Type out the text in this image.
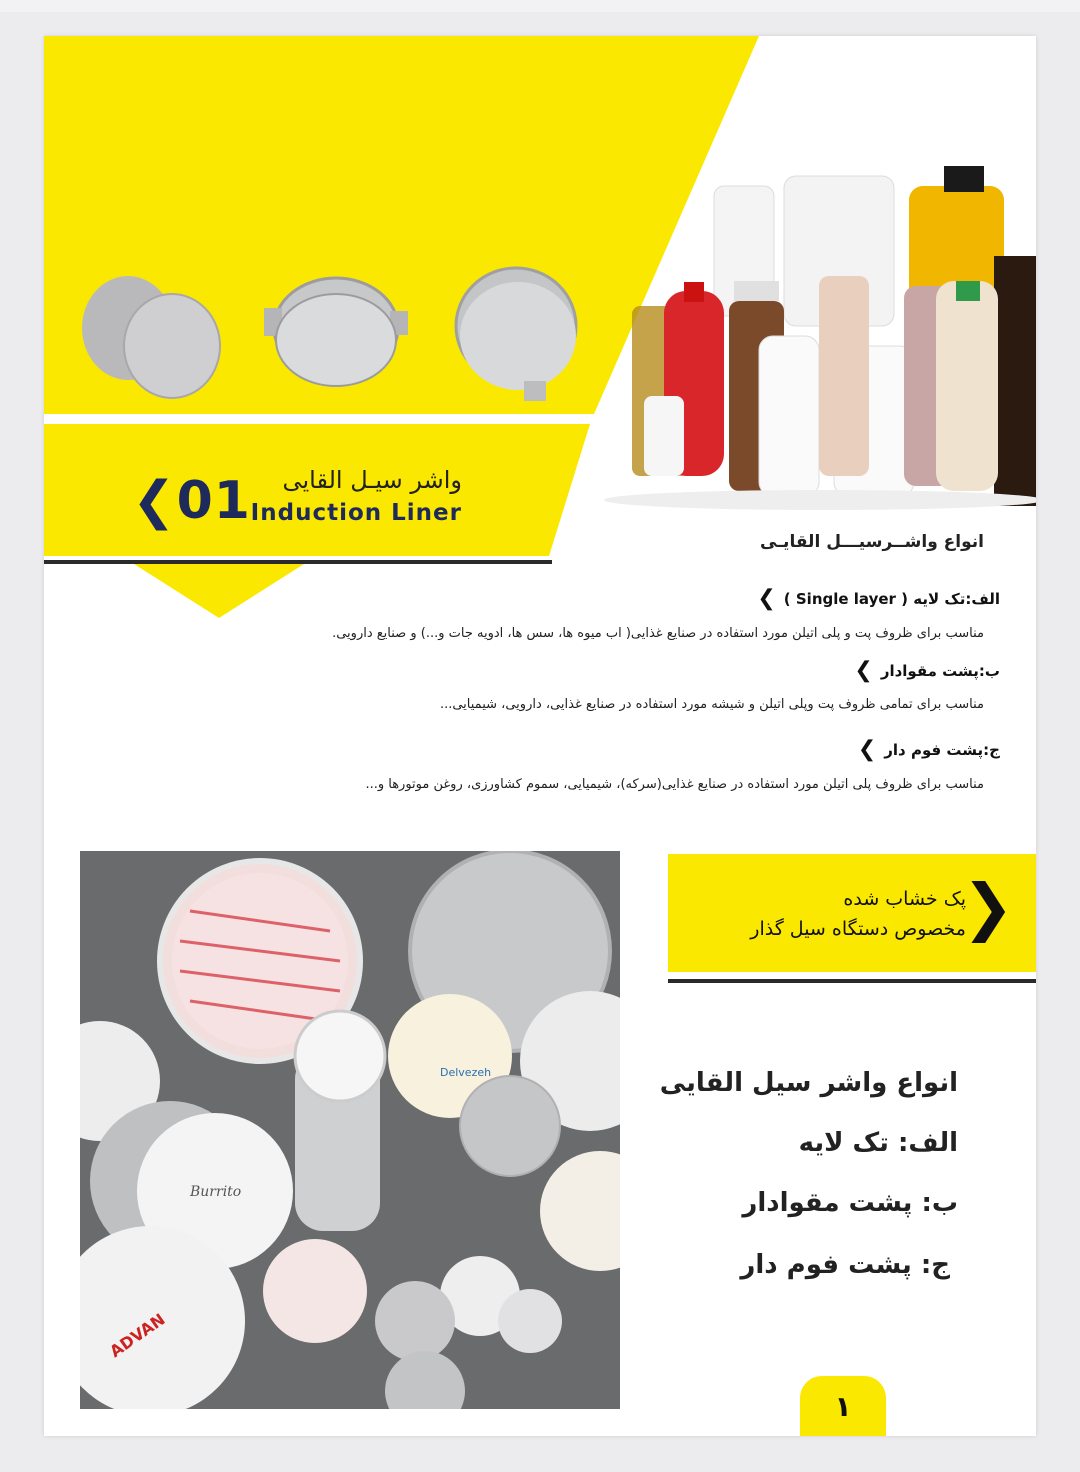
❮01 واشر سیـل القایی
Induction Liner
انواع واشــرسیـــل القایـی
❯ الف:تک لایه ( Single layer )
مناسب برای ظروف پت و پلی اتیلن مورد استفاده در صنایع غذایی( اب میوه ها، سس ها، ادویه جات و...) و صنایع دارویی.
❯ ب:پشت مقوادار
مناسب برای تمامی ظروف پت وپلی اتیلن و شیشه مورد استفاده در صنایع غذایی، دارویی، شیمیایی...
❯ ج:پشت فوم دار
مناسب برای ظروف پلی اتیلن مورد استفاده در صنایع غذایی(سرکه)، شیمیایی، سموم کشاورزی، روغن موتورها و...
Delvezeh
Burrito
ADVAN
❯
پک خشاب شده
مخصوص دستگاه سیل گذار
انواع واشر سیل القایی
الف: تک لایه
ب: پشت مقوادار
ج: پشت فوم دار
۱
